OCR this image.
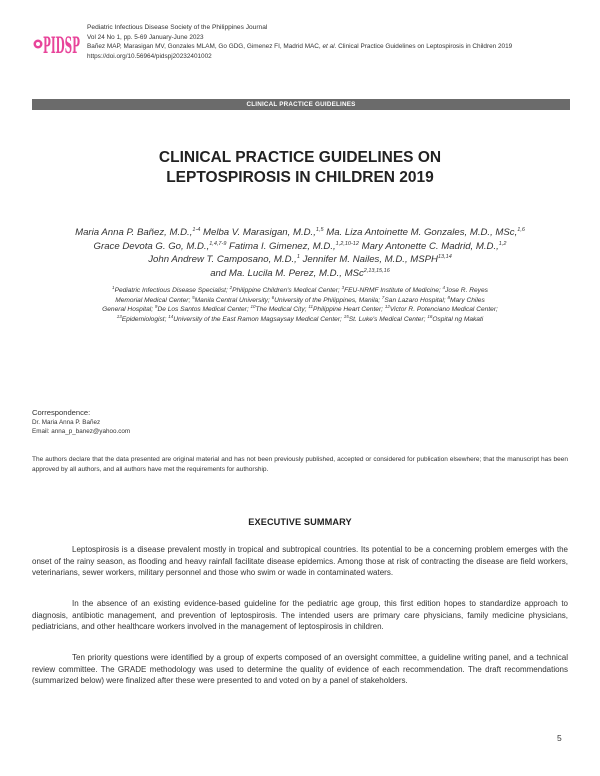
PIDSP
Pediatric Infectious Disease Society of the Philippines Journal
Vol 24 No 1, pp. 5-69 January-June 2023
Bañez MAP, Marasigan MV, Gonzales MLAM, Go GDG, Gimenez FI, Madrid MAC, et al. Clinical Practice Guidelines on Leptospirosis in Children 2019
https://doi.org/10.56964/pidspj20232401002
CLINICAL PRACTICE GUIDELINES
CLINICAL PRACTICE GUIDELINES ON
LEPTOSPIROSIS IN CHILDREN 2019
Maria Anna P. Bañez, M.D.,$^{1-4}$ Melba V. Marasigan, M.D.,$^{1,5}$ Ma. Liza Antoinette M. Gonzales, M.D., MSc,$^{1,6}$
Grace Devota G. Go, M.D.,$^{1,4,7-9}$ Fatima I. Gimenez, M.D.,$^{1,2,10-12}$ Mary Antonette C. Madrid, M.D.,$^{1,2}$
John Andrew T. Camposano, M.D.,$^1$ Jennifer M. Nailes, M.D., MSPH$^{13,14}$
and Ma. Lucila M. Perez, M.D., MSc$^{2,13,15,16}$
$^1$Pediatric Infectious Disease Specialist; $^2$Philippine Children's Medical Center; $^3$FEU-NRMF Institute of Medicine; $^4$Jose R. Reyes
Memorial Medical Center; $^5$Manila Central University; $^6$University of the Philippines, Manila; $^7$San Lazaro Hospital; $^8$Mary Chiles
General Hospital; $^9$De Los Santos Medical Center; $^{10}$The Medical City; $^{11}$Philippine Heart Center; $^{12}$Victor R. Potenciano Medical Center;
$^{13}$Epidemiologist; $^{14}$University of the East Ramon Magsaysay Medical Center; $^{15}$St. Luke's Medical Center; $^{16}$Ospital ng Makati
Correspondence:
Dr. Maria Anna P. Bañez
Email: anna_p_banez@yahoo.com
The authors declare that the data presented are original material and has not been previously published, accepted or considered for publication elsewhere; that the manuscript has been approved by all authors, and all authors have met the requirements for authorship.
EXECUTIVE SUMMARY
Leptospirosis is a disease prevalent mostly in tropical and subtropical countries. Its potential to be a concerning problem emerges with the onset of the rainy season, as flooding and heavy rainfall facilitate disease epidemics. Among those at risk of contracting the disease are field workers, veterinarians, sewer workers, military personnel and those who swim or wade in contaminated waters.
In the absence of an existing evidence-based guideline for the pediatric age group, this first edition hopes to standardize approach to diagnosis, antibiotic management, and prevention of leptospirosis. The intended users are primary care physicians, family medicine physicians, pediatricians, and other healthcare workers involved in the management of leptospirosis in children.
Ten priority questions were identified by a group of experts composed of an oversight committee, a guideline writing panel, and a technical review committee. The GRADE methodology was used to determine the quality of evidence of each recommendation. The draft recommendations (summarized below) were finalized after these were presented to and voted on by a panel of stakeholders.
5
